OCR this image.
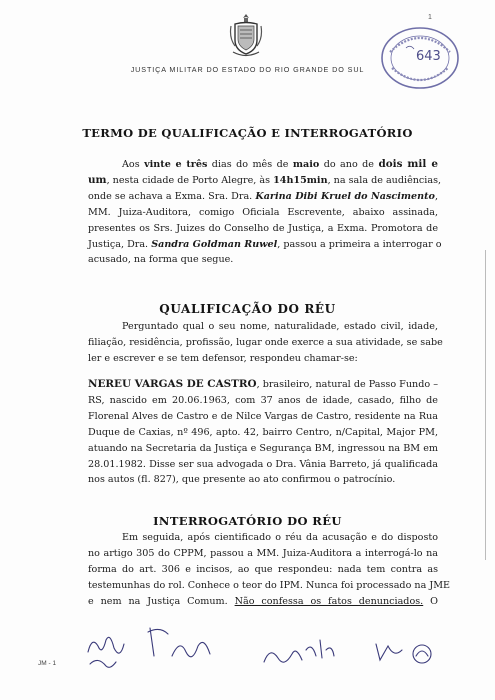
1
643
JUSTIÇA MILITAR DO ESTADO DO RIO GRANDE DO SUL
TERMO DE QUALIFICAÇÃO E INTERROGATÓRIO
Aos vinte e três dias do mês de maio do ano de dois mil e
um, nesta cidade de Porto Alegre, às 14h15min, na sala de audiências,
onde se achava a Exma. Sra. Dra. Karina Dibi Kruel do Nascimento,
MM. Juiza-Auditora, comigo Oficiala Escrevente, abaixo assinada,
presentes os Srs. Juizes do Conselho de Justiça, a Exma. Promotora de
Justiça, Dra. Sandra Goldman Ruwel, passou a primeira a interrogar o
acusado, na forma que segue.
QUALIFICAÇÃO DO RÉU
Perguntado qual o seu nome, naturalidade, estado civil, idade,
filiação, residência, profissão, lugar onde exerce a sua atividade, se sabe
ler e escrever e se tem defensor, respondeu chamar-se:
NEREU VARGAS DE CASTRO, brasileiro, natural de Passo Fundo –
RS, nascido em 20.06.1963, com 37 anos de idade, casado, filho de
Florenal Alves de Castro e de Nilce Vargas de Castro, residente na Rua
Duque de Caxias, nº 496, apto. 42, bairro Centro, n/Capital, Major PM,
atuando na Secretaria da Justiça e Segurança BM, ingressou na BM em
28.01.1982. Disse ser sua advogada o Dra. Vânia Barreto, já qualificada
nos autos (fl. 827), que presente ao ato confirmou o patrocínio.
INTERROGATÓRIO DO RÉU
Em seguida, após cientificado o réu da acusação e do disposto
no artigo 305 do CPPM, passou a MM. Juiza-Auditora a interrogá-lo na
forma do art. 306 e incisos, ao que respondeu: nada tem contra as
testemunhas do rol. Conhece o teor do IPM. Nunca foi processado na JME
e nem na Justiça Comum. Não confessa os fatos denunciados. O
JM - 1
